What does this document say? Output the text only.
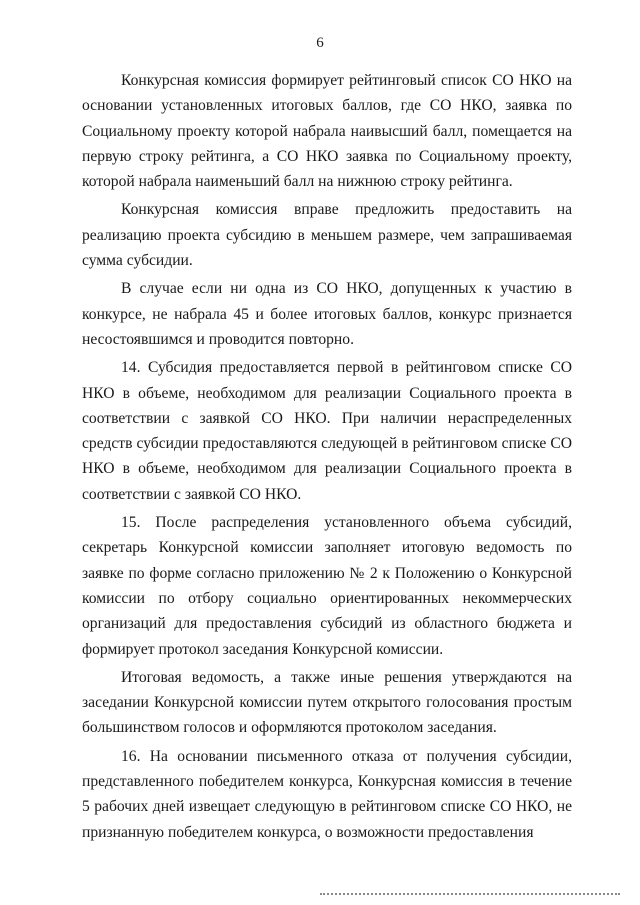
6

Конкурсная комиссия формирует рейтинговый список СО НКО на основании установленных итоговых баллов, где СО НКО, заявка по Социальному проекту которой набрала наивысший балл, помещается на первую строку рейтинга, а СО НКО заявка по Социальному проекту, которой набрала наименьший балл на нижнюю строку рейтинга.

Конкурсная комиссия вправе предложить предоставить на реализацию проекта субсидию в меньшем размере, чем запрашиваемая сумма субсидии.

В случае если ни одна из СО НКО, допущенных к участию в конкурсе, не набрала 45 и более итоговых баллов, конкурс признается несостоявшимся и проводится повторно.

14. Субсидия предоставляется первой в рейтинговом списке СО НКО в объеме, необходимом для реализации Социального проекта в соответствии с заявкой СО НКО. При наличии нераспределенных средств субсидии предоставляются следующей в рейтинговом списке СО НКО в объеме, необходимом для реализации Социального проекта в соответствии с заявкой СО НКО.

15. После распределения установленного объема субсидий, секретарь Конкурсной комиссии заполняет итоговую ведомость по заявке по форме согласно приложению № 2 к Положению о Конкурсной комиссии по отбору социально ориентированных некоммерческих организаций для предоставления субсидий из областного бюджета и формирует протокол заседания Конкурсной комиссии.

Итоговая ведомость, а также иные решения утверждаются на заседании Конкурсной комиссии путем открытого голосования простым большинством голосов и оформляются протоколом заседания.

16. На основании письменного отказа от получения субсидии, представленного победителем конкурса, Конкурсная комиссия в течение 5 рабочих дней извещает следующую в рейтинговом списке СО НКО, не признанную победителем конкурса, о возможности предоставления
